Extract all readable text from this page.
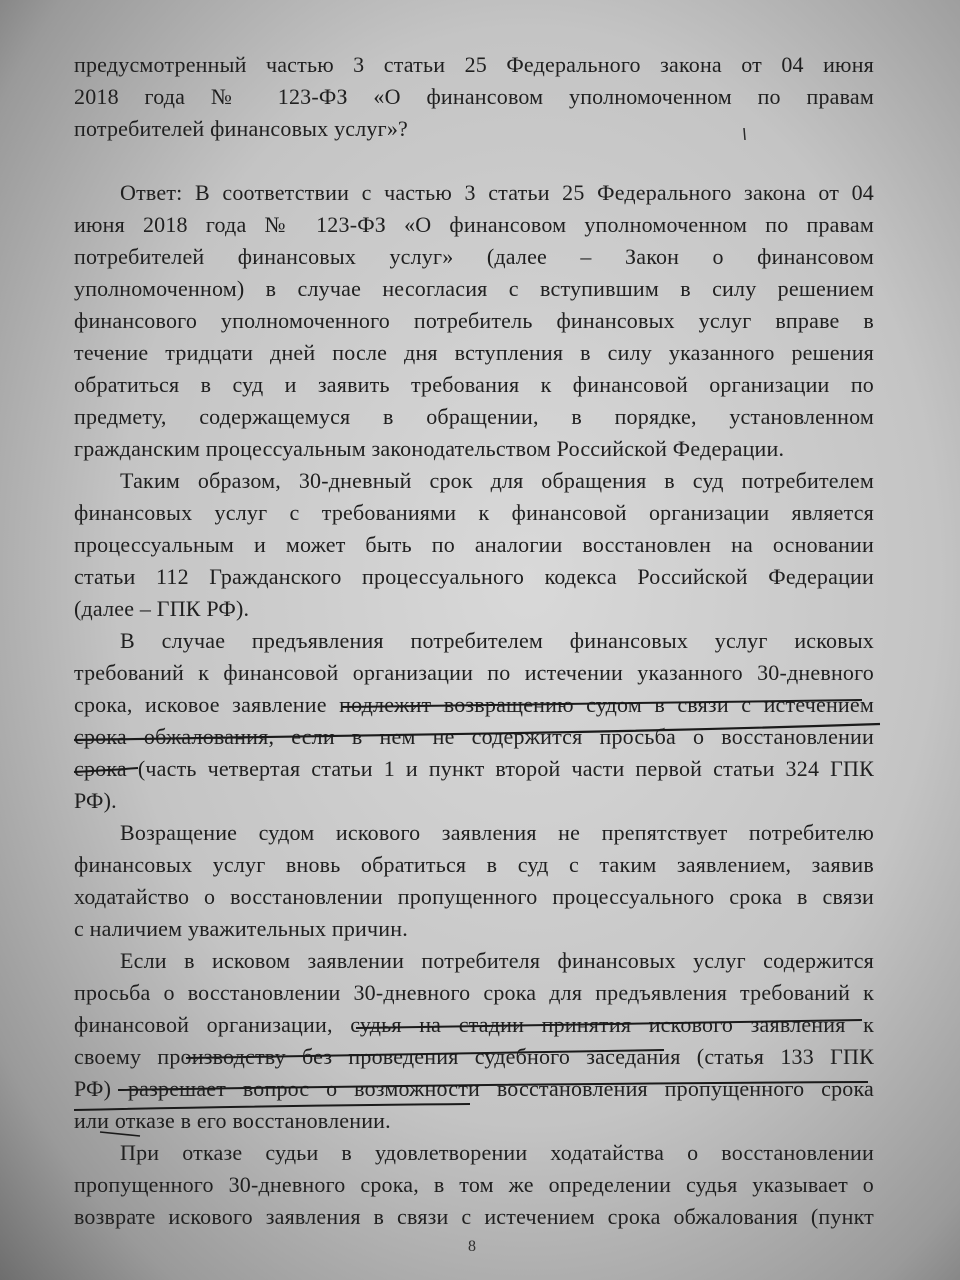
предусмотренный частью 3 статьи 25 Федерального закона от 04 июня
2018 года № 123-ФЗ «О финансовом уполномоченном по правам
потребителей финансовых услуг»?
Ответ: В соответствии с частью 3 статьи 25 Федерального закона от 04
июня 2018 года № 123-ФЗ «О финансовом уполномоченном по правам
потребителей финансовых услуг» (далее – Закон о финансовом
уполномоченном) в случае несогласия с вступившим в силу решением
финансового уполномоченного потребитель финансовых услуг вправе в
течение тридцати дней после дня вступления в силу указанного решения
обратиться в суд и заявить требования к финансовой организации по
предмету, содержащемуся в обращении, в порядке, установленном
гражданским процессуальным законодательством Российской Федерации.
Таким образом, 30-дневный срок для обращения в суд потребителем
финансовых услуг с требованиями к финансовой организации является
процессуальным и может быть по аналогии восстановлен на основании
статьи 112 Гражданского процессуального кодекса Российской Федерации
(далее – ГПК РФ).
В случае предъявления потребителем финансовых услуг исковых
требований к финансовой организации по истечении указанного 30-дневного
срока, исковое заявление подлежит возвращению судом в связи с истечением
срока обжалования, если в нем не содержится просьба о восстановлении
срока (часть четвертая статьи 1 и пункт второй части первой статьи 324 ГПК
РФ).
Возращение судом искового заявления не препятствует потребителю
финансовых услуг вновь обратиться в суд с таким заявлением, заявив
ходатайство о восстановлении пропущенного процессуального срока в связи
с наличием уважительных причин.
Если в исковом заявлении потребителя финансовых услуг содержится
просьба о восстановлении 30-дневного срока для предъявления требований к
финансовой организации, судья на стадии принятия искового заявления к
своему производству без проведения судебного заседания (статья 133 ГПК
РФ) разрешает вопрос о возможности восстановления пропущенного срока
или отказе в его восстановлении.
При отказе судьи в удовлетворении ходатайства о восстановлении
пропущенного 30-дневного срока, в том же определении судья указывает о
возврате искового заявления в связи с истечением срока обжалования (пункт
8
